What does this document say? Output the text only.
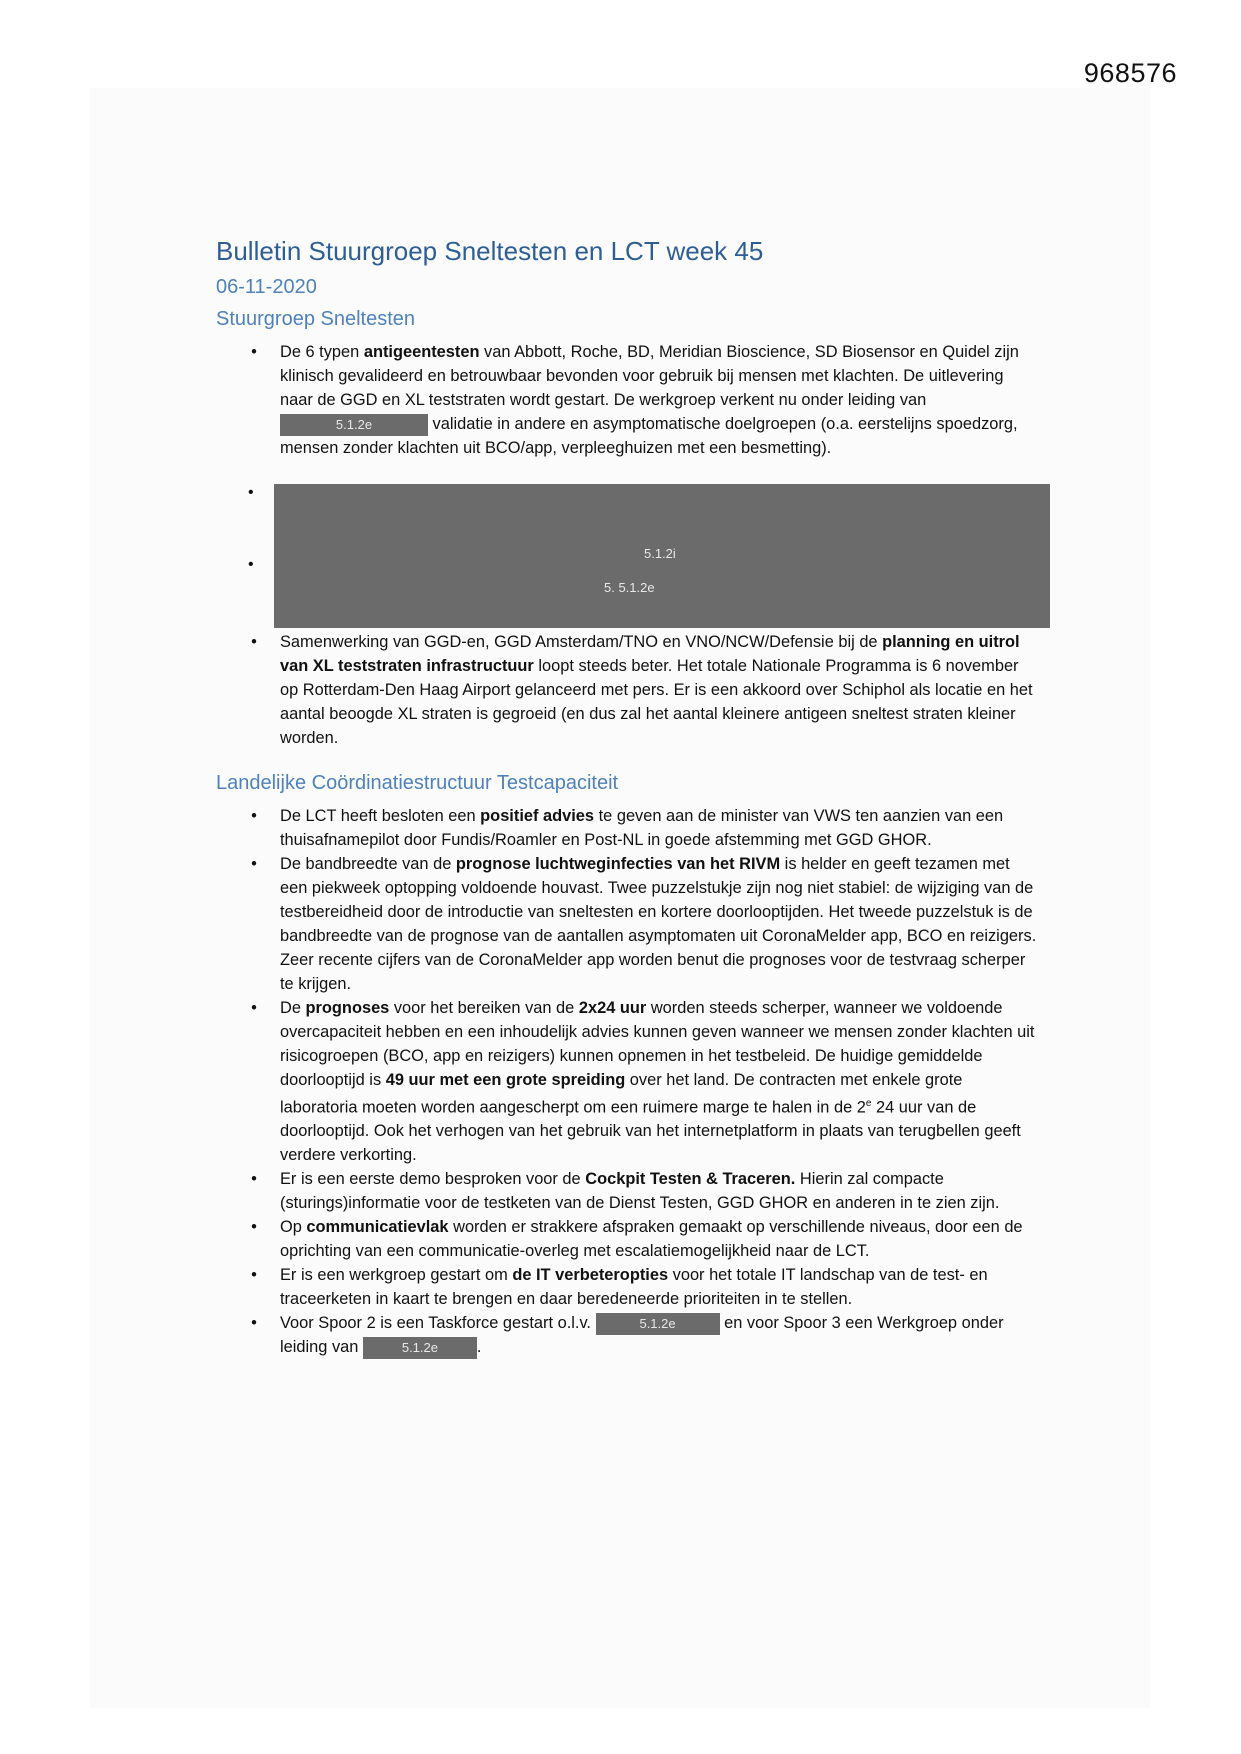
968576
Bulletin Stuurgroep Sneltesten en LCT week 45
06-11-2020
Stuurgroep Sneltesten
• De 6 typen antigeentesten van Abbott, Roche, BD, Meridian Bioscience, SD Biosensor en Quidel zijn klinisch gevalideerd en betrouwbaar bevonden voor gebruik bij mensen met klachten. De uitlevering naar de GGD en XL teststraten wordt gestart. De werkgroep verkent nu onder leiding van 5.1.2e	validatie in andere en asymptomatische doelgroepen (o.a. eerstelijns spoedzorg, mensen zonder klachten uit BCO/app, verpleeghuizen met een besmetting).
•
•
5.1.2i
5. 5.1.2e
• Samenwerking van GGD-en, GGD Amsterdam/TNO en VNO/NCW/Defensie bij de planning en uitrol van XL teststraten infrastructuur loopt steeds beter. Het totale Nationale Programma is 6 november op Rotterdam-Den Haag Airport gelanceerd met pers. Er is een akkoord over Schiphol als locatie en het aantal beoogde XL straten is gegroeid (en dus zal het aantal kleinere antigeen sneltest straten kleiner worden.
Landelijke Coördinatiestructuur Testcapaciteit
• De LCT heeft besloten een positief advies te geven aan de minister van VWS ten aanzien van een thuisafnamepilot door Fundis/Roamler en Post-NL in goede afstemming met GGD GHOR.
• De bandbreedte van de prognose luchtweginfecties van het RIVM is helder en geeft tezamen met een piekweek optopping voldoende houvast. Twee puzzelstukje zijn nog niet stabiel: de wijziging van de testbereidheid door de introductie van sneltesten en kortere doorlooptijden. Het tweede puzzelstuk is de bandbreedte van de prognose van de aantallen asymptomaten uit CoronaMelder app, BCO en reizigers. Zeer recente cijfers van de CoronaMelder app worden benut die prognoses voor de testvraag scherper te krijgen.
• De prognoses voor het bereiken van de 2x24 uur worden steeds scherper, wanneer we voldoende overcapaciteit hebben en een inhoudelijk advies kunnen geven wanneer we mensen zonder klachten uit risicogroepen (BCO, app en reizigers) kunnen opnemen in het testbeleid. De huidige gemiddelde doorlooptijd is 49 uur met een grote spreiding over het land. De contracten met enkele grote laboratoria moeten worden aangescherpt om een ruimere marge te halen in de 2e 24 uur van de doorlooptijd. Ook het verhogen van het gebruik van het internetplatform in plaats van terugbellen geeft verdere verkorting.
• Er is een eerste demo besproken voor de Cockpit Testen & Traceren. Hierin zal compacte (sturings)informatie voor de testketen van de Dienst Testen, GGD GHOR en anderen in te zien zijn.
• Op communicatievlak worden er strakkere afspraken gemaakt op verschillende niveaus, door een de oprichting van een communicatie-overleg met escalatiemogelijkheid naar de LCT.
• Er is een werkgroep gestart om de IT verbeteropties voor het totale IT landschap van de test- en traceerketen in kaart te brengen en daar beredeneerde prioriteiten in te stellen.
• Voor Spoor 2 is een Taskforce gestart o.l.v.	5.1.2e	en voor Spoor 3 een Werkgroep onder leiding van	5.1.2e .
